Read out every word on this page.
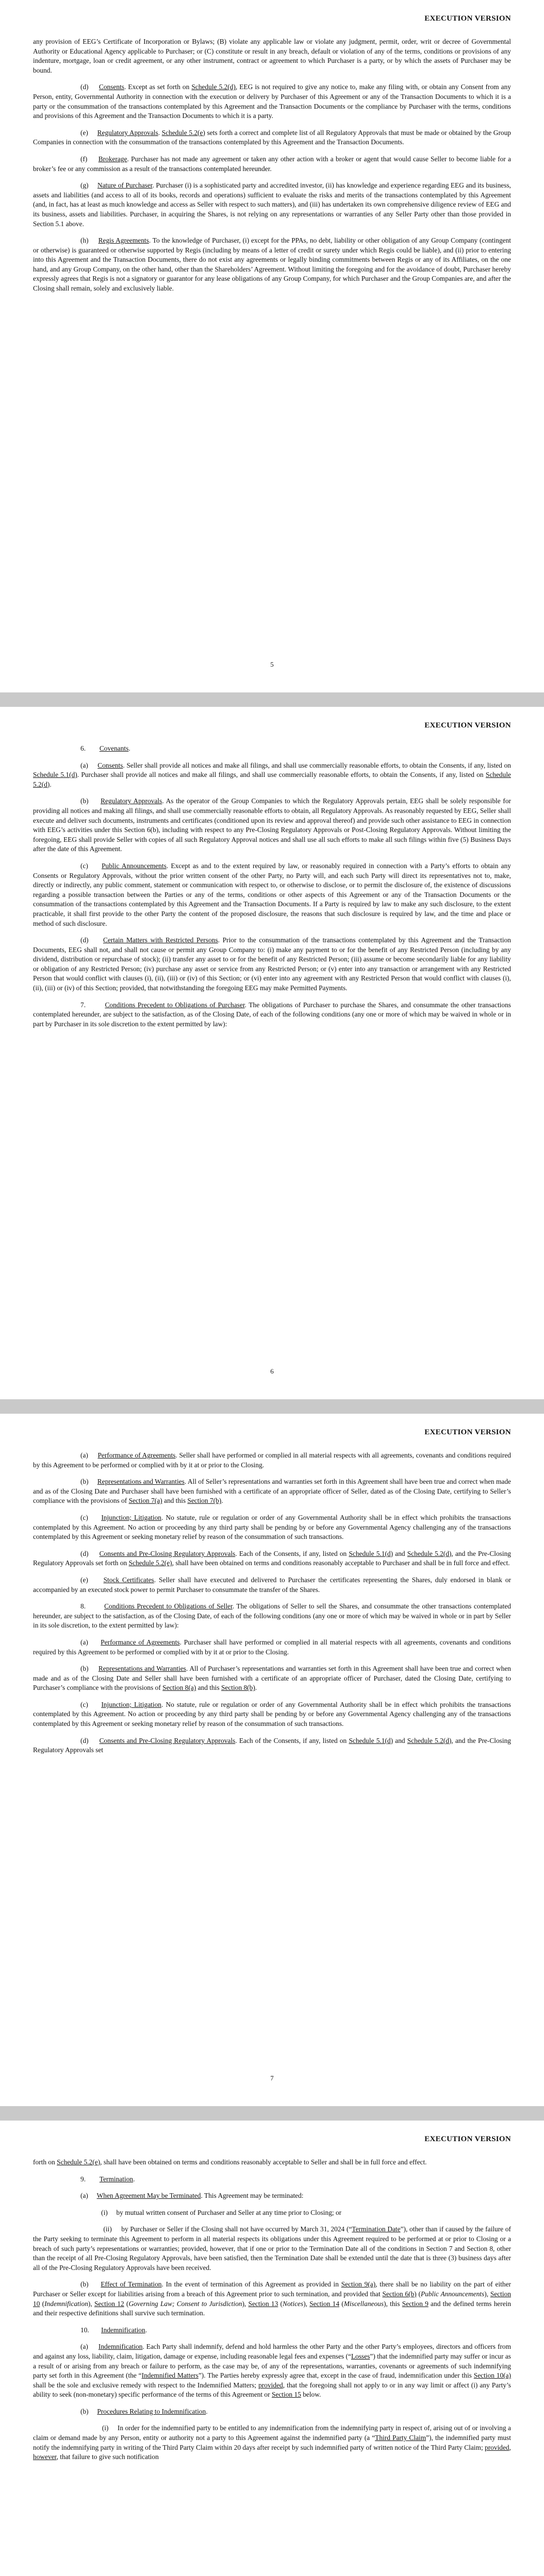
EXECUTION VERSION

any provision of EEG’s Certificate of Incorporation or Bylaws; (B) violate any applicable law or violate any judgment, permit, order, writ or decree of Governmental Authority or Educational Agency applicable to Purchaser; or (C) constitute or result in any breach, default or violation of any of the terms, conditions or provisions of any indenture, mortgage, loan or credit agreement, or any other instrument, contract or agreement to which Purchaser is a party, or by which the assets of Purchaser may be bound.

(d)     Consents. Except as set forth on Schedule 5.2(d), EEG is not required to give any notice to, make any filing with, or obtain any Consent from any Person, entity, Governmental Authority in connection with the execution or delivery by Purchaser of this Agreement or any of the Transaction Documents to which it is a party or the consummation of the transactions contemplated by this Agreement and the Transaction Documents or the compliance by Purchaser with the terms, conditions and provisions of this Agreement and the Transaction Documents to which it is a party.

(e)     Regulatory Approvals. Schedule 5.2(e) sets forth a correct and complete list of all Regulatory Approvals that must be made or obtained by the Group Companies in connection with the consummation of the transactions contemplated by this Agreement and the Transaction Documents.

(f)     Brokerage. Purchaser has not made any agreement or taken any other action with a broker or agent that would cause Seller to become liable for a broker’s fee or any commission as a result of the transactions contemplated hereunder.

(g)     Nature of Purchaser. Purchaser (i) is a sophisticated party and accredited investor, (ii) has knowledge and experience regarding EEG and its business, assets and liabilities (and access to all of its books, records and operations) sufficient to evaluate the risks and merits of the transactions contemplated by this Agreement (and, in fact, has at least as much knowledge and access as Seller with respect to such matters), and (iii) has undertaken its own comprehensive diligence review of EEG and its business, assets and liabilities. Purchaser, in acquiring the Shares, is not relying on any representations or warranties of any Seller Party other than those provided in Section 5.1 above.

(h)     Regis Agreements. To the knowledge of Purchaser, (i) except for the PPAs, no debt, liability or other obligation of any Group Company (contingent or otherwise) is guaranteed or otherwise supported by Regis (including by means of a letter of credit or surety under which Regis could be liable), and (ii) prior to entering into this Agreement and the Transaction Documents, there do not exist any agreements or legally binding commitments between Regis or any of its Affiliates, on the one hand, and any Group Company, on the other hand, other than the Shareholders’ Agreement. Without limiting the foregoing and for the avoidance of doubt, Purchaser hereby expressly agrees that Regis is not a signatory or guarantor for any lease obligations of any Group Company, for which Purchaser and the Group Companies are, and after the Closing shall remain, solely and exclusively liable.

5
EXECUTION VERSION

6.        Covenants.

(a)     Consents. Seller shall provide all notices and make all filings, and shall use commercially reasonable efforts, to obtain the Consents, if any, listed on Schedule 5.1(d). Purchaser shall provide all notices and make all filings, and shall use commercially reasonable efforts, to obtain the Consents, if any, listed on Schedule 5.2(d).

(b)     Regulatory Approvals. As the operator of the Group Companies to which the Regulatory Approvals pertain, EEG shall be solely responsible for providing all notices and making all filings, and shall use commercially reasonable efforts to obtain, all Regulatory Approvals. As reasonably requested by EEG, Seller shall execute and deliver such documents, instruments and certificates (conditioned upon its review and approval thereof) and provide such other assistance to EEG in connection with EEG’s activities under this Section 6(b), including with respect to any Pre-Closing Regulatory Approvals or Post-Closing Regulatory Approvals. Without limiting the foregoing, EEG shall provide Seller with copies of all such Regulatory Approval notices and shall use all such efforts to make all such filings within five (5) Business Days after the date of this Agreement.

(c)     Public Announcements. Except as and to the extent required by law, or reasonably required in connection with a Party’s efforts to obtain any Consents or Regulatory Approvals, without the prior written consent of the other Party, no Party will, and each such Party will direct its representatives not to, make, directly or indirectly, any public comment, statement or communication with respect to, or otherwise to disclose, or to permit the disclosure of, the existence of discussions regarding a possible transaction between the Parties or any of the terms, conditions or other aspects of this Agreement or any of the Transaction Documents or the consummation of the transactions contemplated by this Agreement and the Transaction Documents. If a Party is required by law to make any such disclosure, to the extent practicable, it shall first provide to the other Party the content of the proposed disclosure, the reasons that such disclosure is required by law, and the time and place or method of such disclosure.

(d)     Certain Matters with Restricted Persons. Prior to the consummation of the transactions contemplated by this Agreement and the Transaction Documents, EEG shall not, and shall not cause or permit any Group Company to: (i) make any payment to or for the benefit of any Restricted Person (including by any dividend, distribution or repurchase of stock); (ii) transfer any asset to or for the benefit of any Restricted Person; (iii) assume or become secondarily liable for any liability or obligation of any Restricted Person; (iv) purchase any asset or service from any Restricted Person; or (v) enter into any transaction or arrangement with any Restricted Person that would conflict with clauses (i), (ii), (iii) or (iv) of this Section; or (vi) enter into any agreement with any Restricted Person that would conflict with clauses (i), (ii), (iii) or (iv) of this Section; provided, that notwithstanding the foregoing EEG may make Permitted Payments.

7.        Conditions Precedent to Obligations of Purchaser. The obligations of Purchaser to purchase the Shares, and consummate the other transactions contemplated hereunder, are subject to the satisfaction, as of the Closing Date, of each of the following conditions (any one or more of which may be waived in whole or in part by Purchaser in its sole discretion to the extent permitted by law):

6
EXECUTION VERSION

(a)     Performance of Agreements. Seller shall have performed or complied in all material respects with all agreements, covenants and conditions required by this Agreement to be performed or complied with by it at or prior to the Closing.

(b)     Representations and Warranties. All of Seller’s representations and warranties set forth in this Agreement shall have been true and correct when made and as of the Closing Date and Purchaser shall have been furnished with a certificate of an appropriate officer of Seller, dated as of the Closing Date, certifying to Seller’s compliance with the provisions of Section 7(a) and this Section 7(b).

(c)     Injunction; Litigation. No statute, rule or regulation or order of any Governmental Authority shall be in effect which prohibits the transactions contemplated by this Agreement. No action or proceeding by any third party shall be pending by or before any Governmental Agency challenging any of the transactions contemplated by this Agreement or seeking monetary relief by reason of the consummation of such transactions.

(d)     Consents and Pre-Closing Regulatory Approvals. Each of the Consents, if any, listed on Schedule 5.1(d) and Schedule 5.2(d), and the Pre-Closing Regulatory Approvals set forth on Schedule 5.2(e), shall have been obtained on terms and conditions reasonably acceptable to Purchaser and shall be in full force and effect.

(e)     Stock Certificates. Seller shall have executed and delivered to Purchaser the certificates representing the Shares, duly endorsed in blank or accompanied by an executed stock power to permit Purchaser to consummate the transfer of the Shares.

8.        Conditions Precedent to Obligations of Seller. The obligations of Seller to sell the Shares, and consummate the other transactions contemplated hereunder, are subject to the satisfaction, as of the Closing Date, of each of the following conditions (any one or more of which may be waived in whole or in part by Seller in its sole discretion, to the extent permitted by law):

(a)     Performance of Agreements. Purchaser shall have performed or complied in all material respects with all agreements, covenants and conditions required by this Agreement to be performed or complied with by it at or prior to the Closing.

(b)     Representations and Warranties. All of Purchaser’s representations and warranties set forth in this Agreement shall have been true and correct when made and as of the Closing Date and Seller shall have been furnished with a certificate of an appropriate officer of Purchaser, dated the Closing Date, certifying to Purchaser’s compliance with the provisions of Section 8(a) and this Section 8(b).

(c)     Injunction; Litigation. No statute, rule or regulation or order of any Governmental Authority shall be in effect which prohibits the transactions contemplated by this Agreement. No action or proceeding by any third party shall be pending by or before any Governmental Agency challenging any of the transactions contemplated by this Agreement or seeking monetary relief by reason of the consummation of such transactions.

(d)     Consents and Pre-Closing Regulatory Approvals. Each of the Consents, if any, listed on Schedule 5.1(d) and Schedule 5.2(d), and the Pre-Closing Regulatory Approvals set

7
EXECUTION VERSION

forth on Schedule 5.2(e), shall have been obtained on terms and conditions reasonably acceptable to Seller and shall be in full force and effect.

9.        Termination.

(a)     When Agreement May be Terminated. This Agreement may be terminated:

(i)     by mutual written consent of Purchaser and Seller at any time prior to Closing; or

(ii)     by Purchaser or Seller if the Closing shall not have occurred by March 31, 2024 (“Termination Date”), other than if caused by the failure of the Party seeking to terminate this Agreement to perform in all material respects its obligations under this Agreement required to be performed at or prior to Closing or a breach of such party’s representations or warranties; provided, however, that if one or prior to the Termination Date all of the conditions in Section 7 and Section 8, other than the receipt of all Pre-Closing Regulatory Approvals, have been satisfied, then the Termination Date shall be extended until the date that is three (3) business days after all of the Pre-Closing Regulatory Approvals have been received.

(b)     Effect of Termination. In the event of termination of this Agreement as provided in Section 9(a), there shall be no liability on the part of either Purchaser or Seller except for liabilities arising from a breach of this Agreement prior to such termination, and provided that Section 6(b) (Public Announcements), Section 10 (Indemnification), Section 12 (Governing Law; Consent to Jurisdiction), Section 13 (Notices), Section 14 (Miscellaneous), this Section 9 and the defined terms herein and their respective definitions shall survive such termination.

10.       Indemnification.

(a)     Indemnification. Each Party shall indemnify, defend and hold harmless the other Party and the other Party’s employees, directors and officers from and against any loss, liability, claim, litigation, damage or expense, including reasonable legal fees and expenses (“Losses”) that the indemnified party may suffer or incur as a result of or arising from any breach or failure to perform, as the case may be, of any of the representations, warranties, covenants or agreements of such indemnifying party set forth in this Agreement (the “Indemnified Matters”). The Parties hereby expressly agree that, except in the case of fraud, indemnification under this Section 10(a) shall be the sole and exclusive remedy with respect to the Indemnified Matters; provided, that the foregoing shall not apply to or in any way limit or affect (i) any Party’s ability to seek (non-monetary) specific performance of the terms of this Agreement or Section 15 below.

(b)     Procedures Relating to Indemnification.

(i)     In order for the indemnified party to be entitled to any indemnification from the indemnifying party in respect of, arising out of or involving a claim or demand made by any Person, entity or authority not a party to this Agreement against the indemnified party (a “Third Party Claim”), the indemnified party must notify the indemnifying party in writing of the Third Party Claim within 20 days after receipt by such indemnified party of written notice of the Third Party Claim; provided, however, that failure to give such notification
